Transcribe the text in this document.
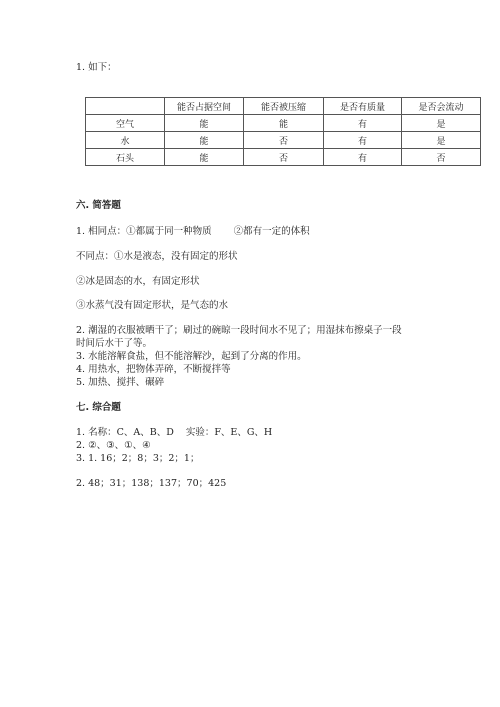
1. 如下：
	能否占据空间	能否被压缩	是否有质量	是否会流动
空气	能	能	有	是
水	能	否	有	是
石头	能	否	有	否
六. 简答题
1. 相同点：①都属于同一种物质 ②都有一定的体积
不同点：①水是液态，没有固定的形状
②冰是固态的水，有固定形状
③水蒸气没有固定形状，是气态的水
2. 潮湿的衣服被晒干了；刷过的碗晾一段时间水不见了；用湿抹布擦桌子一段
时间后水干了等。
3. 水能溶解食盐，但不能溶解沙，起到了分离的作用。
4. 用热水，把物体弄碎，不断搅拌等
5. 加热、搅拌、碾碎
七. 综合题
1. 名称：C、A、B、D 实验：F、E、G、H
2. ②、③、①、④
3. 1. 16；2；8；3；2；1；
2. 48；31；138；137；70；425
